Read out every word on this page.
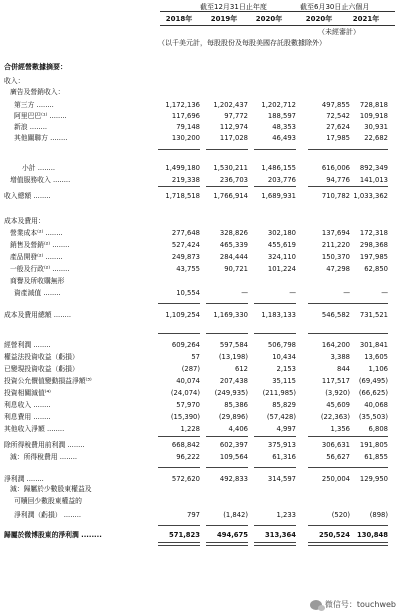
截至12月31日止年度	截至6月30日止六個月
2018年	2019年	2020年	2020年	2021年
（未經審計）
（以千美元計，每股股份及每股美國存託股數據除外）
合併經營數據摘要：
收入：
廣告及營銷收入：
第三方 ........	1,172,136	1,202,437	1,202,712	497,855	728,818
阿里巴巴⁽¹⁾ ........	117,696	97,772	188,597	72,542	109,918
新浪 ........	79,148	112,974	48,353	27,624	30,931
其他關聯方 ........	130,200	117,028	46,493	17,985	22,682
小計 ........	1,499,180	1,530,211	1,486,155	616,006	892,349
增值服務收入 ........	219,338	236,703	203,776	94,776	141,013
收入總額 ........	1,718,518	1,766,914	1,689,931	710,782 1,033,362
成本及費用：
營業成本⁽²⁾ ........	277,648	328,826	302,180	137,694	172,318
銷售及營銷⁽²⁾ ........	527,424	465,339	455,619	211,220	298,368
產品開發⁽²⁾ ........	249,873	284,444	324,110	150,370	197,985
一般及行政⁽²⁾ ........	43,755	90,721	101,224	47,298	62,850
商譽及所收購無形
資產減值 ........	10,554	—	—	—	—
成本及費用總額 ........	1,109,254	1,169,330	1,183,133	546,582	731,521
經營利潤 ........	609,264	597,584	506,798	164,200	301,841
權益法投資收益（虧損）	57	(13,198)	10,434	3,388	13,605
已變現投資收益（虧損）	(287)	612	2,153	844	1,106
投資公允價值變動損益淨額⁽³⁾	40,074	207,438	35,115	117,517	(69,495)
投資相關減值⁽⁴⁾	(24,074)	(249,935)	(211,985)	(3,920)	(66,625)
利息收入 ........	57,970	85,386	85,829	45,609	40,068
利息費用 ........	(15,390)	(29,896)	(57,428)	(22,363)	(35,503)
其他收入淨額 ........	1,228	4,406	4,997	1,356	6,808
除所得稅費用前利潤 ........	668,842	602,397	375,913	306,631	191,805
減：所得稅費用 ........	96,222	109,564	61,316	56,627	61,855
淨利潤 ........	572,620	492,833	314,597	250,004	129,950
減：歸屬於少數股東權益及
可贖回少數股東權益的
淨利潤（虧損） ........	797	(1,842)	1,233	(520)	(898)
歸屬於微博股東的淨利潤 ........	571,823	494,675	313,364	250,524	130,848
微信号：touchweb
